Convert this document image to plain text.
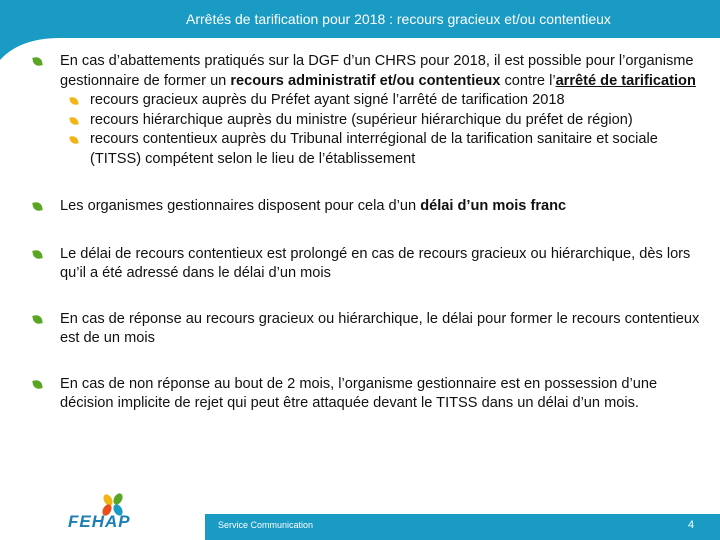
Arrêtés de tarification pour 2018 : recours gracieux et/ou contentieux
En cas d’abattements pratiqués sur la DGF d’un CHRS pour 2018, il est possible pour l’organisme gestionnaire de former un recours administratif et/ou contentieux contre l’arrêté de tarification
recours gracieux auprès du Préfet ayant signé l’arrêté de tarification 2018
recours hiérarchique auprès du ministre (supérieur hiérarchique du préfet de région)
recours contentieux auprès du Tribunal interrégional de la tarification sanitaire et sociale (TITSS) compétent selon le lieu de l’établissement
Les organismes gestionnaires disposent pour cela d’un délai d’un mois franc
Le délai de recours contentieux est prolongé en cas de recours gracieux ou hiérarchique, dès lors qu’il a été adressé dans le délai d’un mois
En cas de réponse au recours gracieux ou hiérarchique, le délai pour former le recours contentieux est de un mois
En cas de non réponse au bout de 2 mois, l’organisme gestionnaire est en possession d’une décision implicite de rejet qui peut être attaquée devant le TITSS dans un délai d’un mois.
FEHAP	Service Communication	4
